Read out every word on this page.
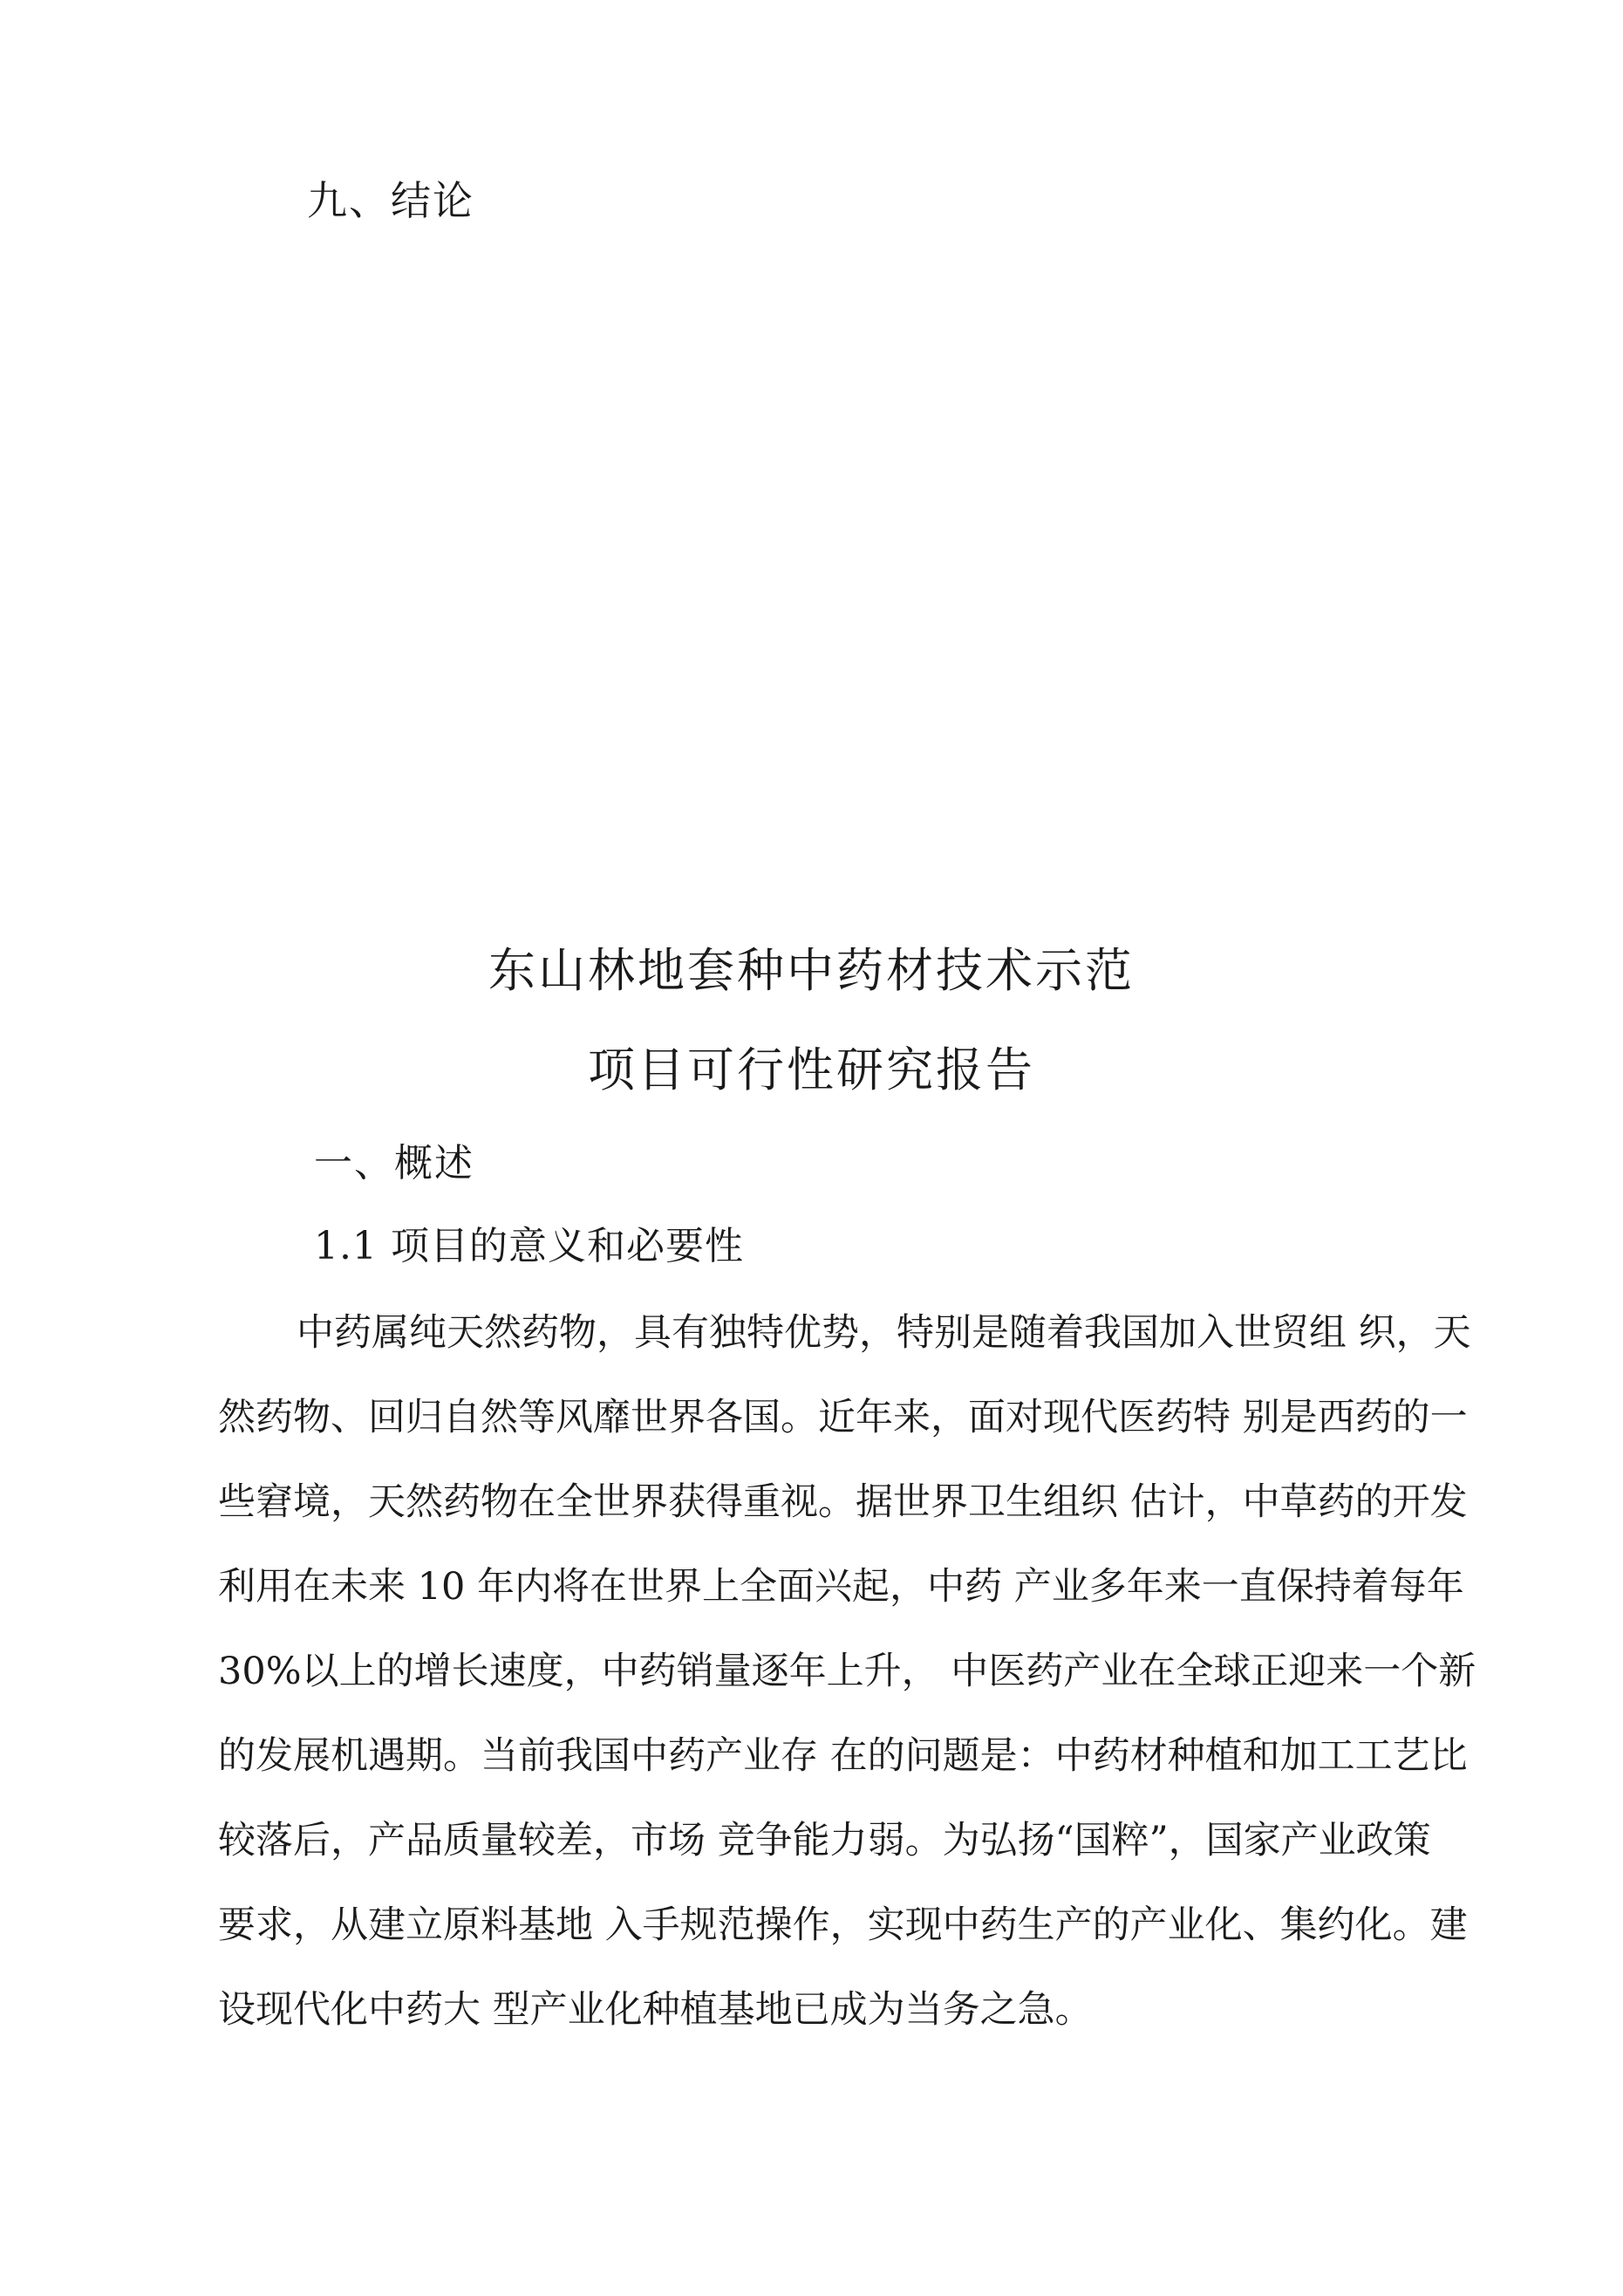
九、结论
东山林地套种中药材技术示范
项目可行性研究报告
一、概述
1.1 项目的意义和必要性
中药属纯天然药物，具有独特优势，特别是随着我国加入世贸组 织，天
然药物、回归自然等风靡世界各国。近年来，面对现代医药特 别是西药的一
些窘境，天然药物在全世界获得重视。据世界卫生组织 估计，中草药的开发
利用在未来 10 年内将在世界上全面兴起，中药 产业多年来一直保持着每年
30%以上的增长速度，中药销量逐年上升， 中医药产业在全球正迎来一个新
的发展机遇期。当前我国中药产业存 在的问题是：中药材种植和加工工艺比
较落后，产品质量较差，市场 竞争能力弱。为弘扬“国粹”，国家产业政策
要求，从建立原料基地 入手规范操作，实现中药生产的产业化、集约化。建
设现代化中药大 型产业化种植基地已成为当务之急。
